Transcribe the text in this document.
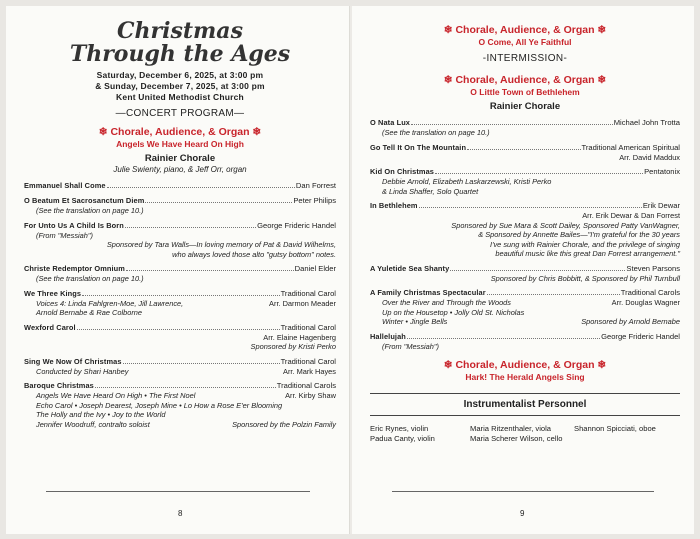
Christmas
Through the Ages
Saturday, December 6, 2025, at 3:00 pm
& Sunday, December 7, 2025, at 3:00 pm
Kent United Methodist Church
—CONCERT PROGRAM—
❄ Chorale, Audience, & Organ ❄
Angels We Have Heard On High
Rainier Chorale
Julie Swienty, piano, & Jeff Orr, organ
Emmanuel Shall Come	Dan Forrest
O Beatum Et Sacrosanctum Diem	Peter Philips
(See the translation on page 10.)
For Unto Us A Child Is Born	George Frideric Handel
(From "Messiah")
Sponsored by Tara Walls—In loving memory of Pat & David Wilhelms,
who always loved those alto "gutsy bottom" notes.
Christe Redemptor Omnium	Daniel Elder
(See the translation on page 10.)
We Three Kings	Traditional Carol
Voices 4: Linda Fahlgren-Moe, Jill Lawrence,	Arr. Darmon Meader
Arnold Bernabe & Rae Colborne
Wexford Carol	Traditional Carol
Arr. Elaine Hagenberg
Sponsored by Kristi Perko
Sing We Now Of Christmas	Traditional Carol
Conducted by Shari Hanbey	Arr. Mark Hayes
Baroque Christmas	Traditional Carols
Angels We Have Heard On High • The First Noel	Arr. Kirby Shaw
Echo Carol • Joseph Dearest, Joseph Mine • Lo How a Rose E'er Blooming
The Holly and the Ivy • Joy to the World
Jennifer Woodruff, contralto soloist	Sponsored by the Polzin Family
8
❄ Chorale, Audience, & Organ ❄
O Come, All Ye Faithful
-INTERMISSION-
❄ Chorale, Audience, & Organ ❄
O Little Town of Bethlehem
Rainier Chorale
O Nata Lux	Michael John Trotta
(See the translation on page 10.)
Go Tell It On The Mountain	Traditional American Spiritual
Arr. David Maddux
Kid On Christmas	Pentatonix
Debbie Arnold, Elizabeth Laskarzewski, Kristi Perko
& Linda Shaffer, Solo Quartet
In Bethlehem	Erik Dewar
Arr. Erik Dewar & Dan Forrest
Sponsored by Sue Mara & Scott Dailey, Sponsored Patty VanWagner,
& Sponsored by Annette Bailes—"I'm grateful for the 30 years
I've sung with Rainier Chorale, and the privilege of singing
beautiful music like this great Dan Forrest arrangement."
A Yuletide Sea Shanty	Steven Parsons
Sponsored by Chris Bobbitt, & Sponsored by Phil Turnbull
A Family Christmas Spectacular	Traditional Carols
Over the River and Through the Woods	Arr. Douglas Wagner
Up on the Housetop • Jolly Old St. Nicholas
Winter • Jingle Bells	Sponsored by Arnold Bernabe
Hallelujah	George Frideric Handel
(From "Messiah")
❄ Chorale, Audience, & Organ ❄
Hark! The Herald Angels Sing
Instrumentalist Personnel
Eric Rynes, violin
Padua Canty, violin
Maria Ritzenthaler, viola
Maria Scherer Wilson, cello
Shannon Spicciati, oboe
9
